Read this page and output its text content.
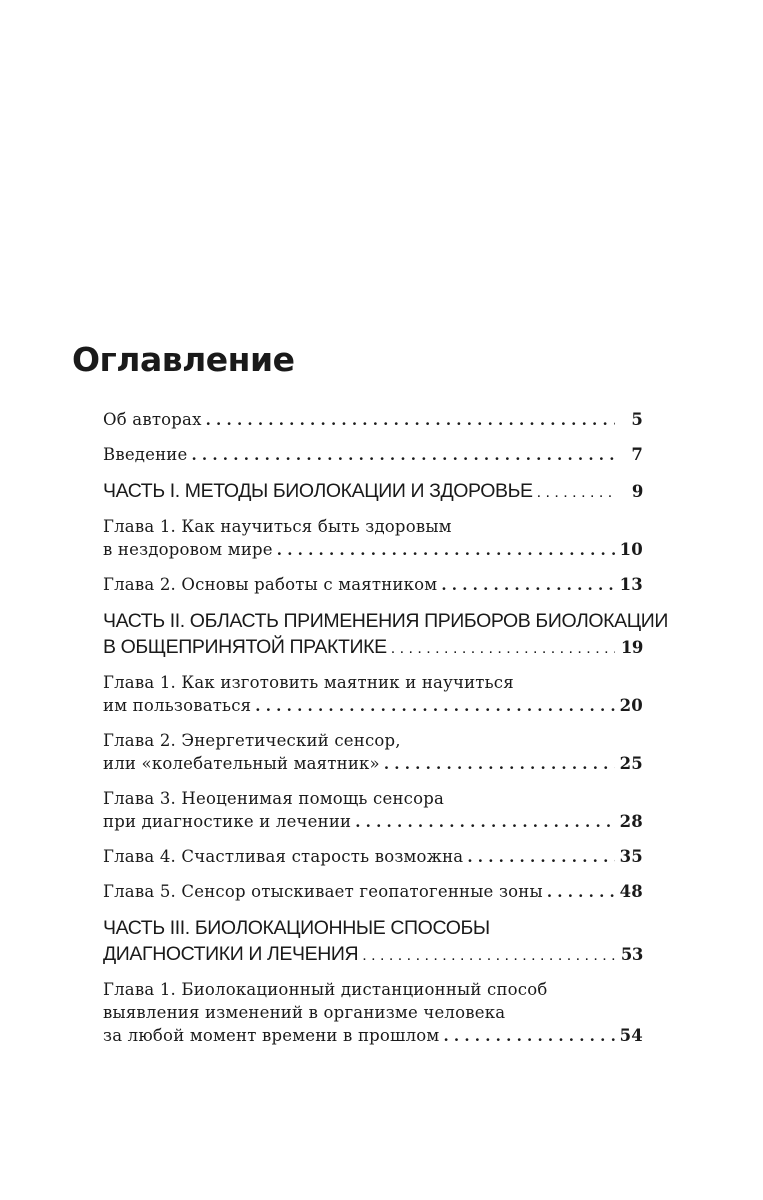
Оглавление
Об авторах . . .	5
Введение . . .	7
ЧАСТЬ I. МЕТОДЫ БИОЛОКАЦИИ И ЗДОРОВЬЕ . . .	9
Глава 1. Как научиться быть здоровым
в нездоровом мире . . .	10
Глава 2. Основы работы с маятником . . .	13
ЧАСТЬ II. ОБЛАСТЬ ПРИМЕНЕНИЯ ПРИБОРОВ БИОЛОКАЦИИ
В ОБЩЕПРИНЯТОЙ ПРАКТИКЕ . . .	19
Глава 1. Как изготовить маятник и научиться
им пользоваться . . .	20
Глава 2. Энергетический сенсор,
или «колебательный маятник» . . .	25
Глава 3. Неоценимая помощь сенсора
при диагностике и лечении . . .	28
Глава 4. Счастливая старость возможна . . .	35
Глава 5. Сенсор отыскивает геопатогенные зоны . . .	48
ЧАСТЬ III. БИОЛОКАЦИОННЫЕ СПОСОБЫ
ДИАГНОСТИКИ И ЛЕЧЕНИЯ . . .	53
Глава 1. Биолокационный дистанционный способ
выявления изменений в организме человека
за любой момент времени в прошлом . . .	54
